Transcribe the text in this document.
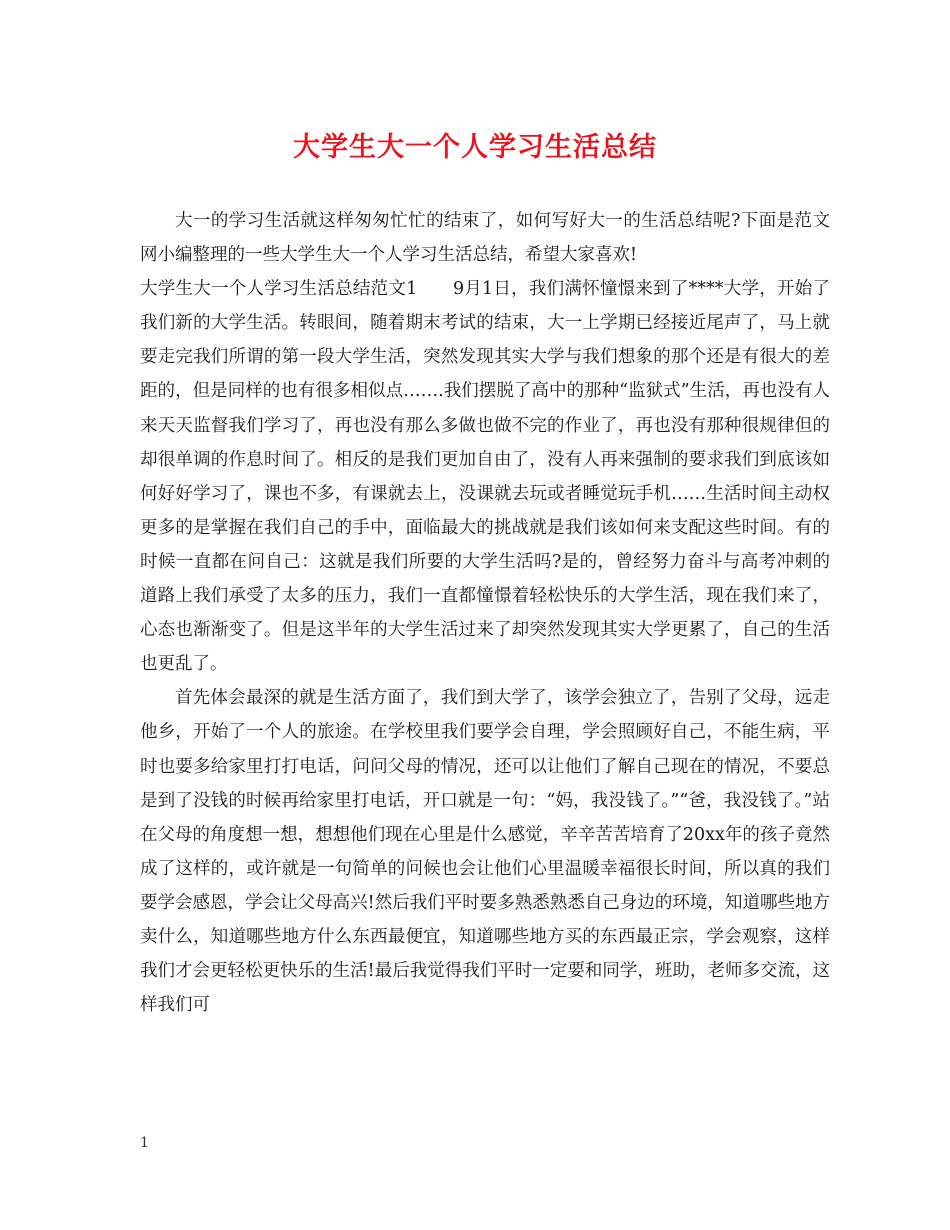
大学生大一个人学习生活总结

大一的学习生活就这样匆匆忙忙的结束了，如何写好大一的生活总结呢?下面是范文网小编整理的一些大学生大一个人学习生活总结，希望大家喜欢!

大学生大一个人学习生活总结范文1　　9月1日，我们满怀憧憬来到了****大学，开始了我们新的大学生活。转眼间，随着期末考试的结束，大一上学期已经接近尾声了，马上就要走完我们所谓的第一段大学生活，突然发现其实大学与我们想象的那个还是有很大的差距的，但是同样的也有很多相似点…….我们摆脱了高中的那种“监狱式”生活，再也没有人来天天监督我们学习了，再也没有那么多做也做不完的作业了，再也没有那种很规律但的却很单调的作息时间了。相反的是我们更加自由了，没有人再来强制的要求我们到底该如何好好学习了，课也不多，有课就去上，没课就去玩或者睡觉玩手机……生活时间主动权更多的是掌握在我们自己的手中，面临最大的挑战就是我们该如何来支配这些时间。有的时候一直都在问自己：这就是我们所要的大学生活吗?是的，曾经努力奋斗与高考冲刺的道路上我们承受了太多的压力，我们一直都憧憬着轻松快乐的大学生活，现在我们来了，心态也渐渐变了。但是这半年的大学生活过来了却突然发现其实大学更累了，自己的生活也更乱了。

首先体会最深的就是生活方面了，我们到大学了，该学会独立了，告别了父母，远走他乡，开始了一个人的旅途。在学校里我们要学会自理，学会照顾好自己，不能生病，平时也要多给家里打打电话，问问父母的情况，还可以让他们了解自己现在的情况，不要总是到了没钱的时候再给家里打电话，开口就是一句：“妈，我没钱了。”“爸，我没钱了。”站在父母的角度想一想，想想他们现在心里是什么感觉，辛辛苦苦培育了20xx年的孩子竟然成了这样的，或许就是一句简单的问候也会让他们心里温暖幸福很长时间，所以真的我们要学会感恩，学会让父母高兴!然后我们平时要多熟悉熟悉自己身边的环境，知道哪些地方卖什么，知道哪些地方什么东西最便宜，知道哪些地方买的东西最正宗，学会观察，这样我们才会更轻松更快乐的生活!最后我觉得我们平时一定要和同学，班助，老师多交流，这样我们可

1
